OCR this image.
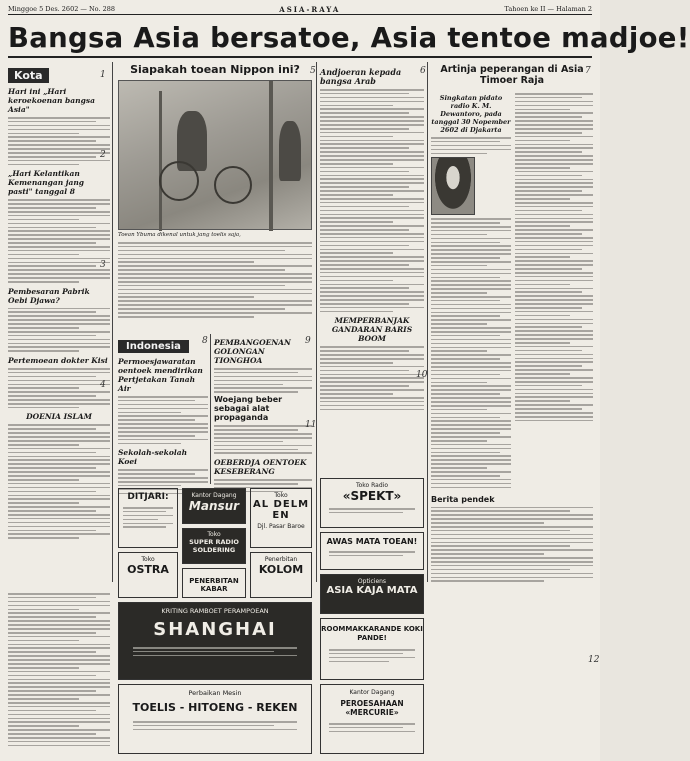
Minggoe 5 Des. 2602 — No. 288	ASIA-RAYA	Tahoen ke II — Halaman 2
Bangsa Asia bersatoe, Asia tentoe madjoe!
Kota
Hari ini „Hari keroekoenan bangsa Asia"
„Hari Kelantikan Kemenangan jang pasti" tanggal 8
Pembesaran Pabrik Oebi Djawa?
Pertemoean dokter Kisi
DOENIA ISLAM
Siapakah toean Nippon ini?
Toean Ybuma dikenal untuk jang toelis saja,
Indonesia
Permoesjawaratan oentoek mendirikan Pertjetakan Tanah Air
Sekolah-sekolah Koei
PEMBANGOENAN GOLONGAN TIONGHOA
Woejang beber sebagai alat propaganda
OEBERDJA OENTOEK KESEBERANG
Andjoeran kepada bangsa Arab
MEMPERBANJAK GANDARAN BARIS BOOM
Artinja peperangan di Asia Timoer Raja
Singkatan pidato radio K. M. Dewantoro, pada tanggal 30 Nopember 2602 di Djakarta
Berita pendek
DITJARI:	Kantor Dagang
Mansur
Toko
AL DELM EN
Djl. Pasar Baroe
Toko
SUPER RADIO SOLDERING
Toko
OSTRA
Penerbitan
KOLOM
PENERBITAN KABAR
KRITING RAMBOET PERAMPOEAN
SHANGHAI
Perbaikan Mesin
TOELIS - HITOENG - REKEN
Toko Radio
«SPEKT»
AWAS MATA TOEAN!
Opticiens
ASIA KAJA MATA
ROOMMAKKARANDE KOKI PANDE!
Kantor Dagang
PEROESAHAAN «MERCURIE»
1
2
3
4
5	6	7
8	9
10
11
12
